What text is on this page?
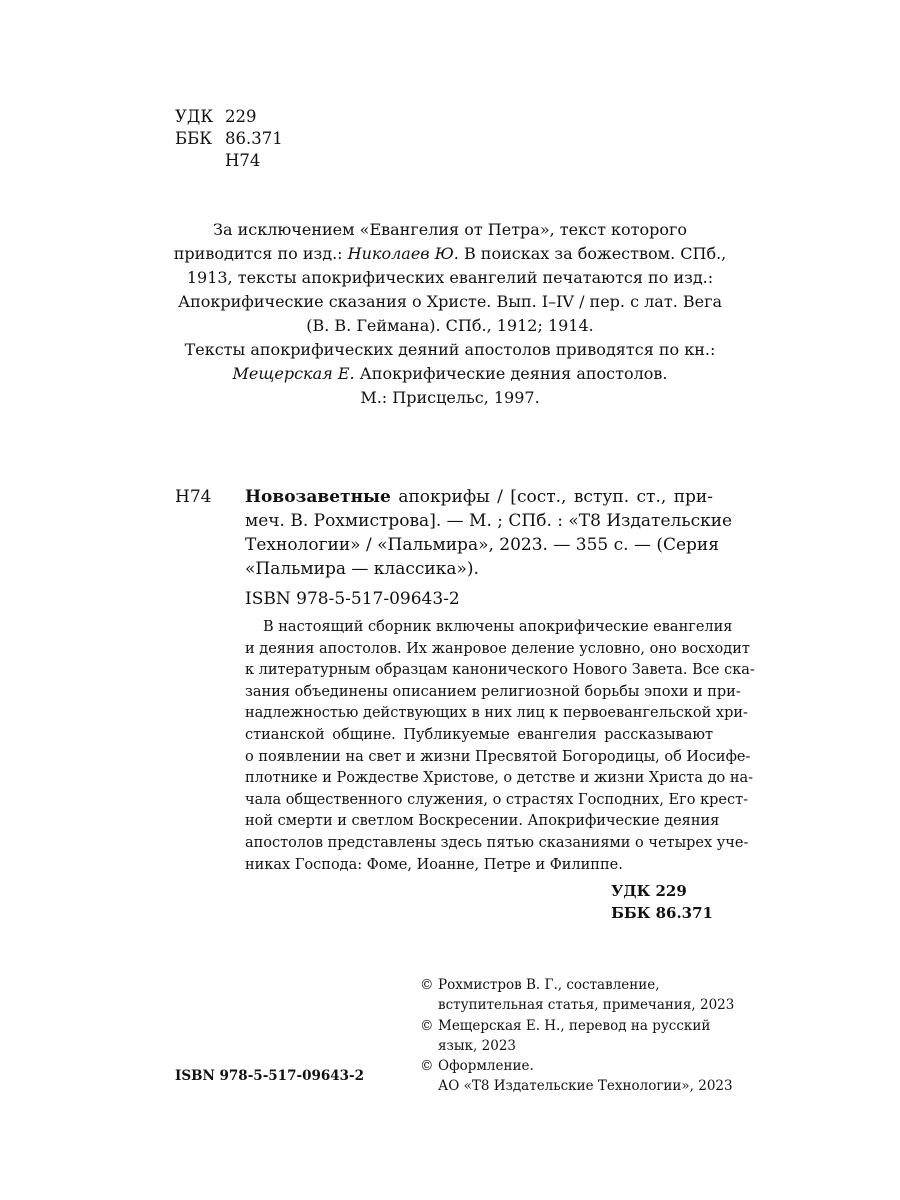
УДК 229
ББК 86.371
Н74
За исключением «Евангелия от Петра», текст которого
приводится по изд.: Николаев Ю. В поисках за божеством. СПб.,
1913, тексты апокрифических евангелий печатаются по изд.:
Апокрифические сказания о Христе. Вып. I–IV / пер. с лат. Вега
(В. В. Геймана). СПб., 1912; 1914.
Тексты апокрифических деяний апостолов приводятся по кн.:
Мещерская Е. Апокрифические деяния апостолов.
М.: Присцельс, 1997.
Н74 Новозаветные апокрифы / [сост., вступ. ст., при-
меч. В. Рохмистрова]. — М. ; СПб. : «Т8 Издательские
Технологии» / «Пальмира», 2023. — 355 с. — (Серия
«Пальмира — классика»).
ISBN 978-5-517-09643-2
В настоящий сборник включены апокрифические евангелия
и деяния апостолов. Их жанровое деление условно, оно восходит
к литературным образцам канонического Нового Завета. Все ска-
зания объединены описанием религиозной борьбы эпохи и при-
надлежностью действующих в них лиц к первоевангельской хри-
стианской общине. Публикуемые евангелия рассказывают
о появлении на свет и жизни Пресвятой Богородицы, об Иосифе-
плотнике и Рождестве Христове, о детстве и жизни Христа до на-
чала общественного служения, о страстях Господних, Его крест-
ной смерти и светлом Воскресении. Апокрифические деяния
апостолов представлены здесь пятью сказаниями о четырех уче-
никах Господа: Фоме, Иоанне, Петре и Филиппе.
УДК 229
ББК 86.371
© Рохмистров В. Г., составление,
вступительная статья, примечания, 2023
© Мещерская Е. Н., перевод на русский
язык, 2023
© Оформление.
АО «Т8 Издательские Технологии», 2023
ISBN 978-5-517-09643-2
